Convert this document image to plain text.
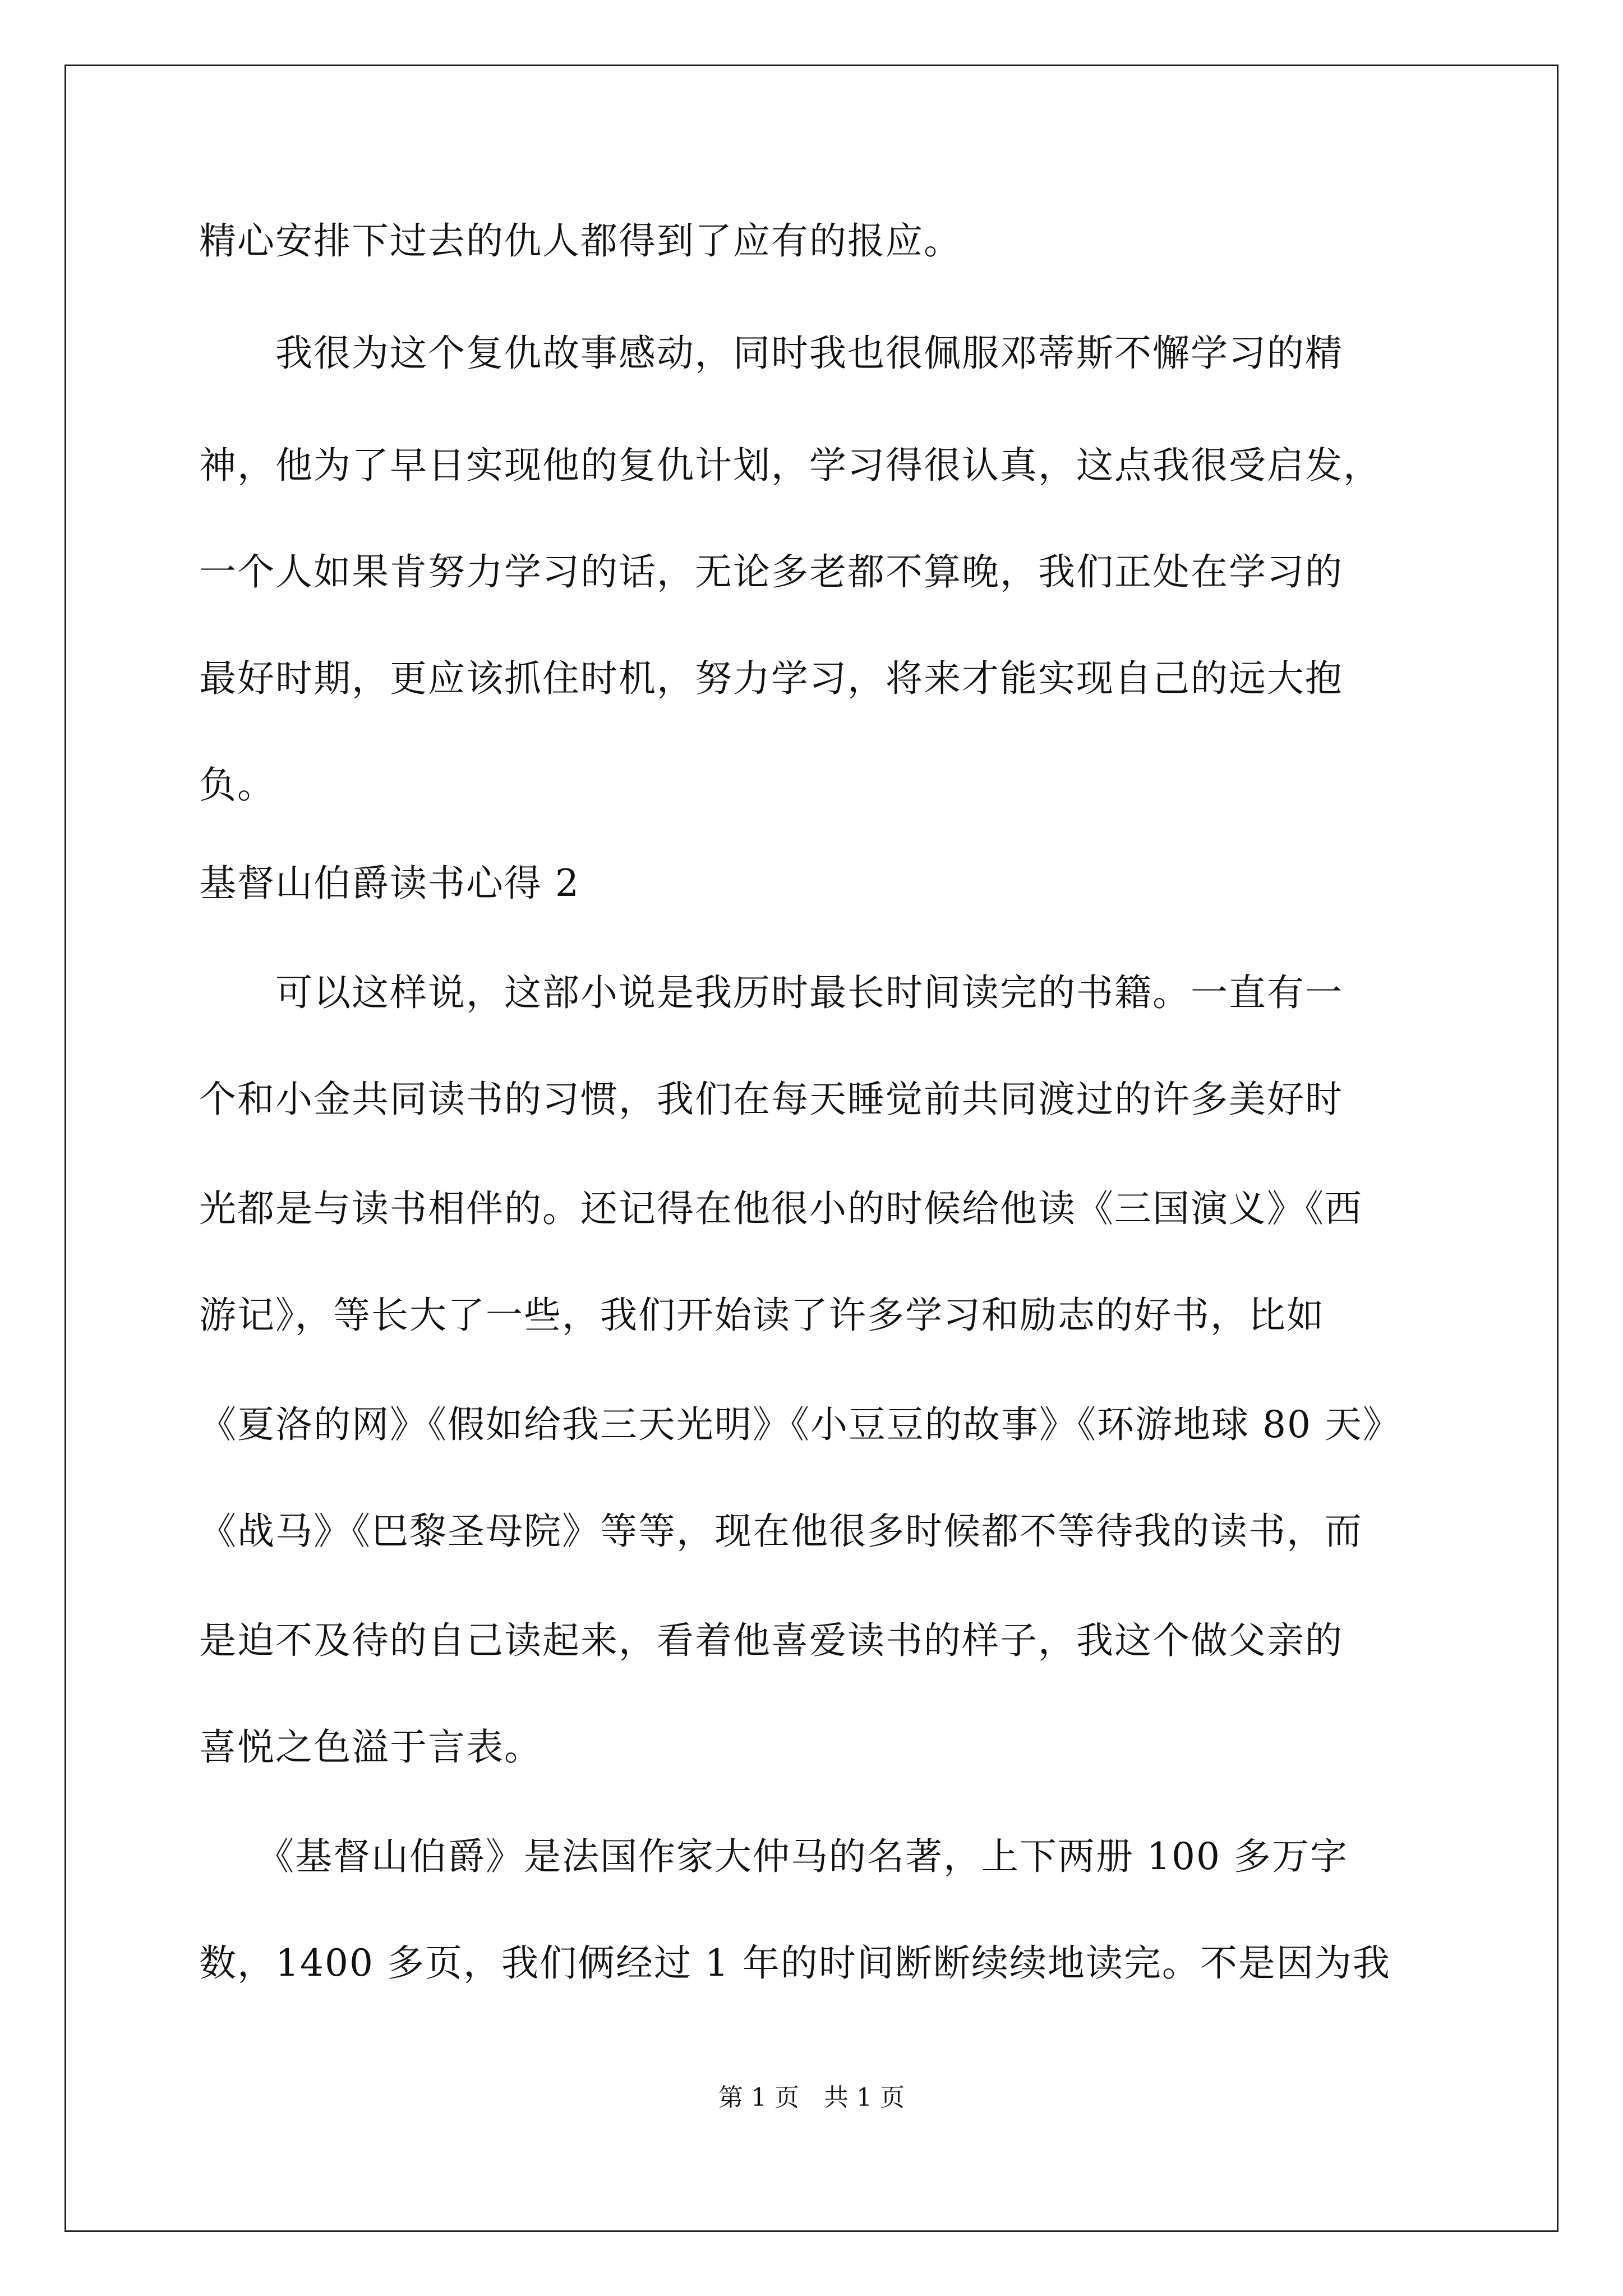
精心安排下过去的仇人都得到了应有的报应。

　　我很为这个复仇故事感动，同时我也很佩服邓蒂斯不懈学习的精

神，他为了早日实现他的复仇计划，学习得很认真，这点我很受启发，

一个人如果肯努力学习的话，无论多老都不算晚，我们正处在学习的

最好时期，更应该抓住时机，努力学习，将来才能实现自己的远大抱

负。

基督山伯爵读书心得 2

　　可以这样说，这部小说是我历时最长时间读完的书籍。一直有一

个和小金共同读书的习惯，我们在每天睡觉前共同渡过的许多美好时

光都是与读书相伴的。还记得在他很小的时候给他读《三国演义》《西

游记》，等长大了一些，我们开始读了许多学习和励志的好书，比如

《夏洛的网》《假如给我三天光明》《小豆豆的故事》《环游地球 80 天》

《战马》《巴黎圣母院》等等，现在他很多时候都不等待我的读书，而

是迫不及待的自己读起来，看着他喜爱读书的样子，我这个做父亲的

喜悦之色溢于言表。

　　《基督山伯爵》是法国作家大仲马的名著，上下两册 100 多万字

数，1400 多页，我们俩经过 1 年的时间断断续续地读完。不是因为我

第 1 页　共 1 页
